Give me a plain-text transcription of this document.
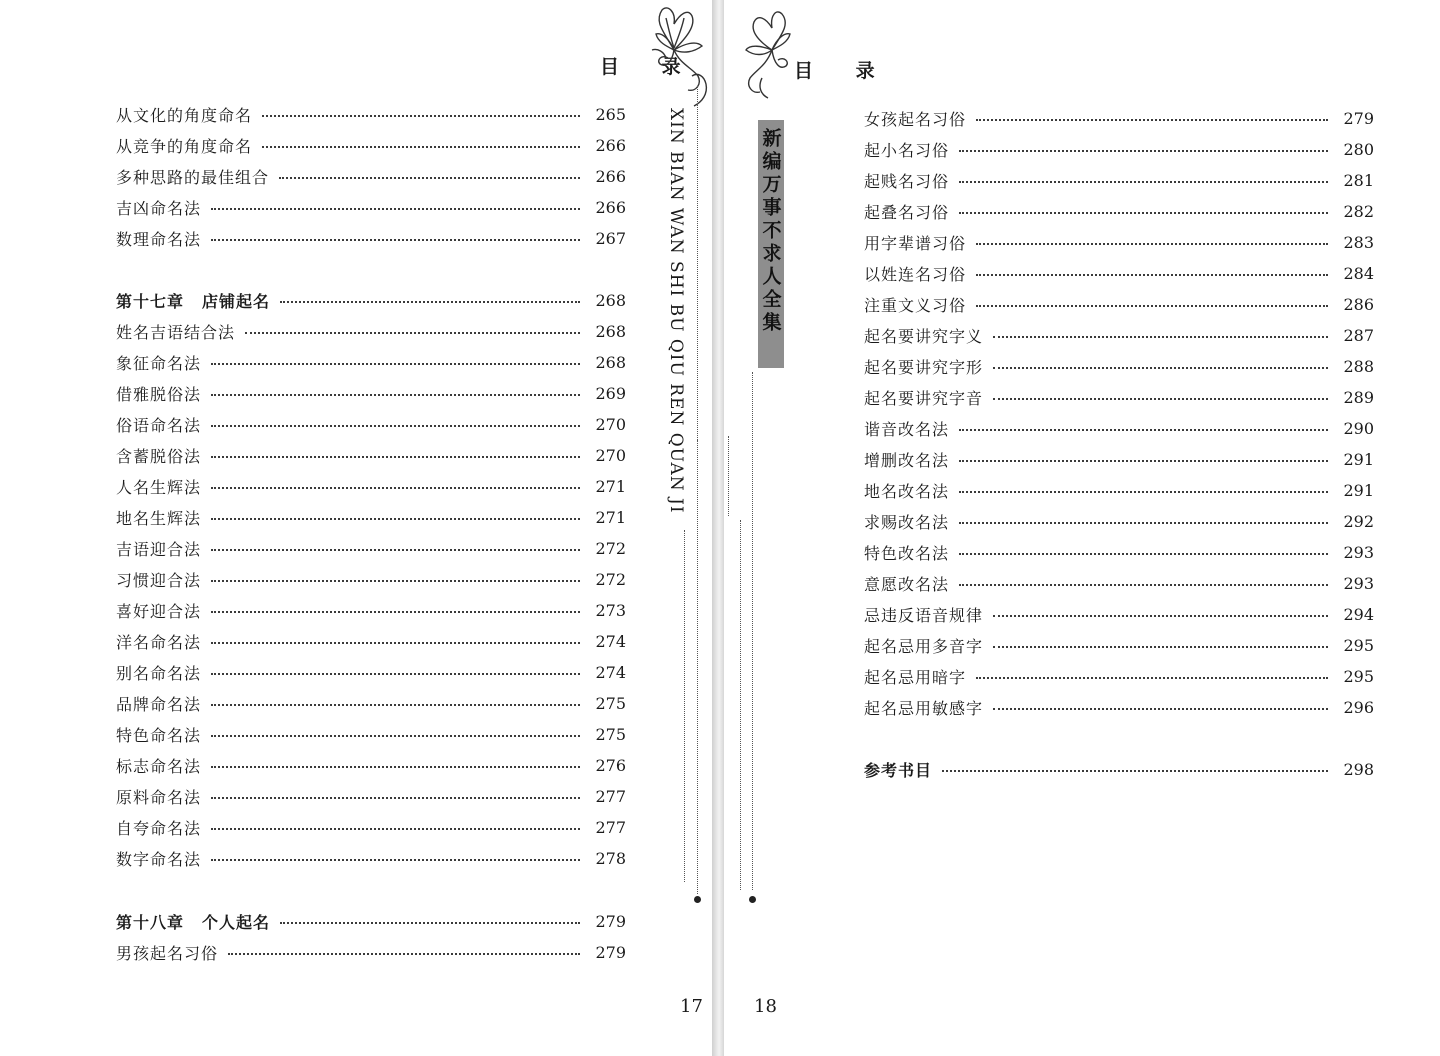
目 录
XIN BIAN WAN SHI BU QIU REN QUAN JI
从文化的角度命名	265
从竞争的角度命名	266
多种思路的最佳组合	266
吉凶命名法	266
数理命名法	267
第十七章 店铺起名	268
姓名吉语结合法	268
象征命名法	268
借雅脱俗法	269
俗语命名法	270
含蓄脱俗法	270
人名生辉法	271
地名生辉法	271
吉语迎合法	272
习惯迎合法	272
喜好迎合法	273
洋名命名法	274
别名命名法	274
品牌命名法	275
特色命名法	275
标志命名法	276
原料命名法	277
自夸命名法	277
数字命名法	278
第十八章 个人起名	279
男孩起名习俗	279
17
目 录
新编万事不求人全集
女孩起名习俗	279
起小名习俗	280
起贱名习俗	281
起叠名习俗	282
用字辈谱习俗	283
以姓连名习俗	284
注重文义习俗	286
起名要讲究字义	287
起名要讲究字形	288
起名要讲究字音	289
谐音改名法	290
增删改名法	291
地名改名法	291
求赐改名法	292
特色改名法	293
意愿改名法	293
忌违反语音规律	294
起名忌用多音字	295
起名忌用暗字	295
起名忌用敏感字	296
参考书目	298
18
